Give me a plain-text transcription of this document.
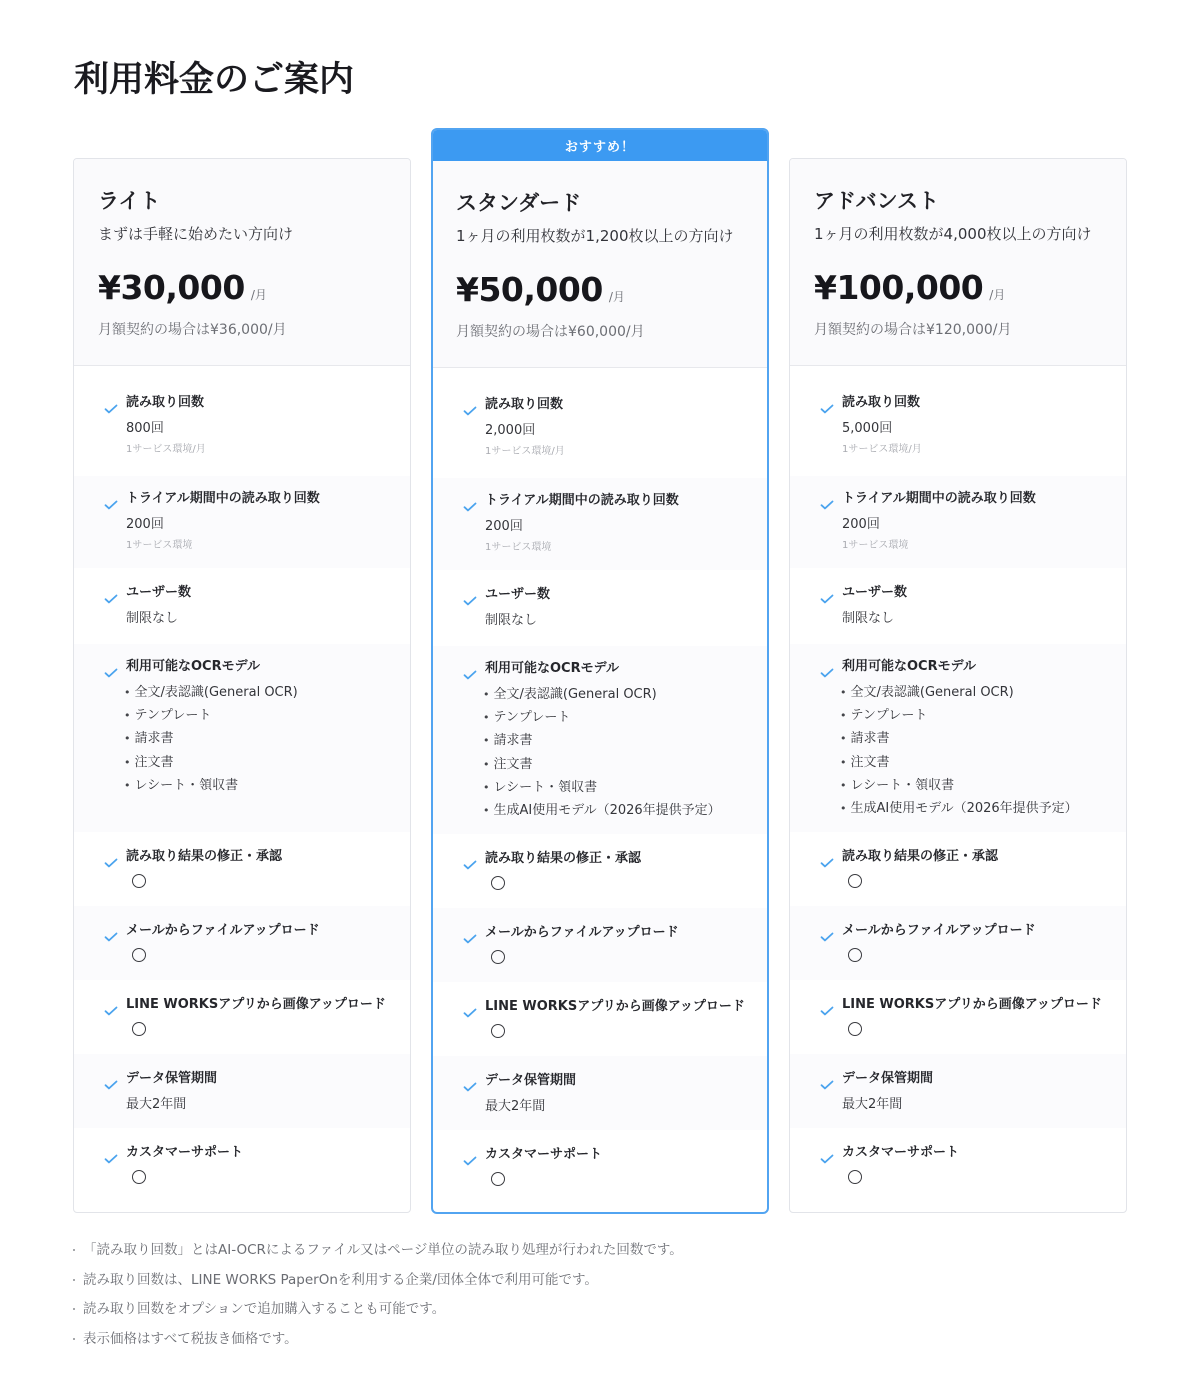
利用料金のご案内
ライト
まずは手軽に始めたい方向け
¥30,000 /月
月額契約の場合は¥36,000/月
読み取り回数
800回
1サービス環境/月
トライアル期間中の読み取り回数
200回
1サービス環境
ユーザー数
制限なし
利用可能なOCRモデル
• 全文/表認識(General OCR)
• テンプレート
• 請求書
• 注文書
• レシート・領収書
読み取り結果の修正・承認
メールからファイルアップロード
LINE WORKSアプリから画像アップロード
データ保管期間
最大2年間
カスタマーサポート
おすすめ！
スタンダード
1ヶ月の利用枚数が1,200枚以上の方向け
¥50,000 /月
月額契約の場合は¥60,000/月
読み取り回数
2,000回
1サービス環境/月
トライアル期間中の読み取り回数
200回
1サービス環境
ユーザー数
制限なし
利用可能なOCRモデル
• 全文/表認識(General OCR)
• テンプレート
• 請求書
• 注文書
• レシート・領収書
• 生成AI使用モデル（2026年提供予定）
読み取り結果の修正・承認
メールからファイルアップロード
LINE WORKSアプリから画像アップロード
データ保管期間
最大2年間
カスタマーサポート
アドバンスト
1ヶ月の利用枚数が4,000枚以上の方向け
¥100,000 /月
月額契約の場合は¥120,000/月
読み取り回数
5,000回
1サービス環境/月
トライアル期間中の読み取り回数
200回
1サービス環境
ユーザー数
制限なし
利用可能なOCRモデル
• 全文/表認識(General OCR)
• テンプレート
• 請求書
• 注文書
• レシート・領収書
• 生成AI使用モデル（2026年提供予定）
読み取り結果の修正・承認
メールからファイルアップロード
LINE WORKSアプリから画像アップロード
データ保管期間
最大2年間
カスタマーサポート
「読み取り回数」とはAI-OCRによるファイル又はページ単位の読み取り処理が行われた回数です。
読み取り回数は、LINE WORKS PaperOnを利用する企業/団体全体で利用可能です。
読み取り回数をオプションで追加購入することも可能です。
表示価格はすべて税抜き価格です。
